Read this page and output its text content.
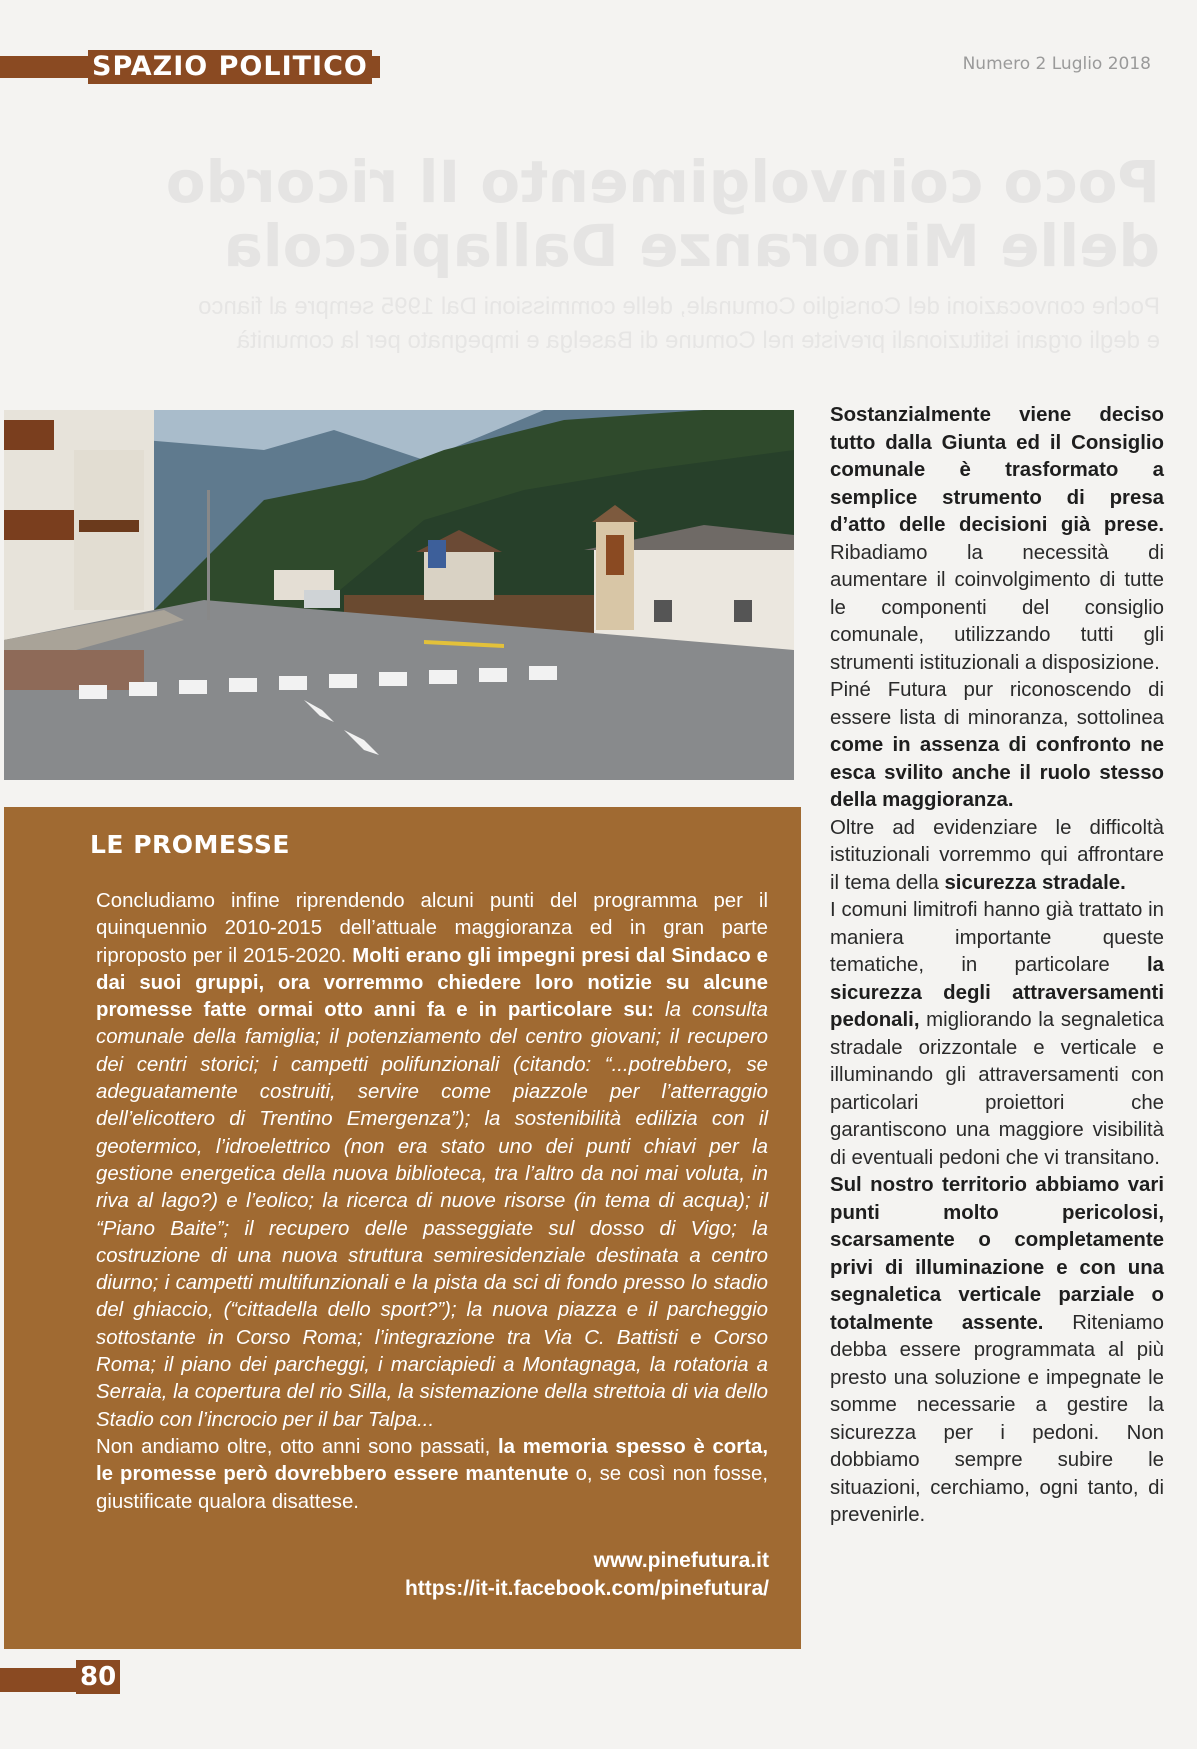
SPAZIO POLITICO	Numero 2 Luglio 2018
Poco coinvolgimento Il ricordo
delle Minoranze Dallapiccola
Poche convocazioni del Consiglio Comunale, delle commissioni Dal 1995 sempre al fianco
e degli organi istituzionali previste nel Comune di Baselga e impegnato per la comunità
LE PROMESSE
Concludiamo infine riprendendo alcuni punti del programma per il quinquennio 2010-2015 dell’attuale maggioranza ed in gran parte riproposto per il 2015-2020. Molti erano gli impegni presi dal Sindaco e dai suoi gruppi, ora vorremmo chiedere loro notizie su alcune promesse fatte ormai otto anni fa e in particolare su: la consulta comunale della famiglia; il potenziamento del centro giovani; il recupero dei centri storici; i campetti polifunzionali (citando: “...potrebbero, se adeguatamente costruiti, servire come piazzole per l’atterraggio dell’elicottero di Trentino Emergenza”); la sostenibilità edilizia con il geotermico, l’idroelettrico (non era stato uno dei punti chiavi per la gestione energetica della nuova biblioteca, tra l’altro da noi mai voluta, in riva al lago?) e l’eolico; la ricerca di nuove risorse (in tema di acqua); il “Piano Baite”; il recupero delle passeggiate sul dosso di Vigo; la costruzione di una nuova struttura semiresidenziale destinata a centro diurno; i campetti multifunzionali e la pista da sci di fondo presso lo stadio del ghiaccio, (“cittadella dello sport?”); la nuova piazza e il parcheggio sottostante in Corso Roma; l’integrazione tra Via C. Battisti e Corso Roma; il piano dei parcheggi, i marciapiedi a Montagnaga, la rotatoria a Serraia, la copertura del rio Silla, la sistemazione della strettoia di via dello Stadio con l’incrocio per il bar Talpa...
Non andiamo oltre, otto anni sono passati, la memoria spesso è corta, le promesse però dovrebbero essere mantenute o, se così non fosse, giustificate qualora disattese.
www.pinefutura.it
https://it-it.facebook.com/pinefutura/

Sostanzialmente viene deciso tutto dalla Giunta ed il Consiglio comunale è trasformato a semplice strumento di presa d’atto delle decisioni già prese. Ribadiamo la necessità di aumentare il coinvolgimento di tutte le componenti del consiglio comunale, utilizzando tutti gli strumenti istituzionali a disposizione.

Piné Futura pur riconoscendo di essere lista di minoranza, sottolinea come in assenza di confronto ne esca svilito anche il ruolo stesso della maggioranza.

Oltre ad evidenziare le difficoltà istituzionali vorremmo qui affrontare il tema della sicurezza stradale.

I comuni limitrofi hanno già trattato in maniera importante queste tematiche, in particolare la sicurezza degli attraversamenti pedonali, migliorando la segnaletica stradale orizzontale e verticale e illuminando gli attraversamenti con particolari proiettori che garantiscono una maggiore visibilità di eventuali pedoni che vi transitano.

Sul nostro territorio abbiamo vari punti molto pericolosi, scarsamente o completamente privi di illuminazione e con una segnaletica verticale parziale o totalmente assente. Riteniamo debba essere programmata al più presto una soluzione e impegnate le somme necessarie a gestire la sicurezza per i pedoni. Non dobbiamo sempre subire le situazioni, cerchiamo, ogni tanto, di prevenirle.

80
